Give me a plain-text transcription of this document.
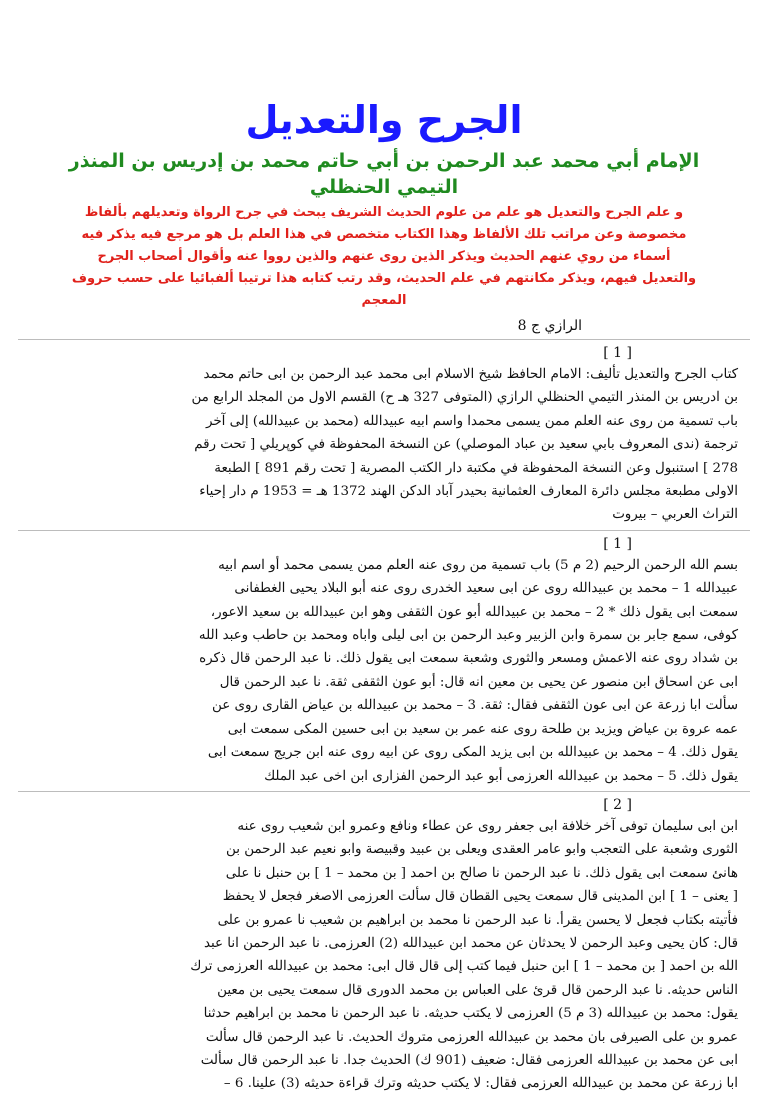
الجرح والتعديل
الإمام أبي محمد عبد الرحمن بن أبي حاتم محمد بن إدريس بن المنذر
التيمي الحنظلي
و علم الجرح والتعديل هو علم من علوم الحديث الشريف يبحث في جرح الرواة وتعديلهم بألفاظ
مخصوصة وعن مراتب تلك الألفاظ وهذا الكتاب متخصص في هذا العلم بل هو مرجع فيه يذكر فيه
أسماء من روي عنهم الحديث ويذكر الذين روى عنهم والذين رووا عنه وأقوال أصحاب الجرح
والتعديل فيهم، ويذكر مكانتهم في علم الحديث، وقد رتب كتابه هذا ترتيبا ألفبائيا على حسب حروف
المعجم
الرازي ج 8
[ 1 ]
كتاب الجرح والتعديل تأليف: الامام الحافظ شيخ الاسلام ابى محمد عبد الرحمن بن ابى حاتم محمد
بن ادريس بن المنذر التيمي الحنظلي الرازي (المتوفى 327 هـ ح) القسم الاول من المجلد الرابع من
باب تسمية من روى عنه العلم ممن يسمى محمدا واسم ابيه عبيدالله (محمد بن عبيدالله) إلى آخر
ترجمة (ندى المعروف بابي سعيد بن عباد الموصلي) عن النسخة المحفوظة في كوپريلي [ تحت رقم
278 ] استنبول وعن النسخة المحفوظة في مكتبة دار الكتب المصرية [ تحت رقم 891 ] الطبعة
الاولى مطبعة مجلس دائرة المعارف العثمانية بحيدر آباد الدكن الهند 1372 هـ = 1953 م دار إحياء
التراث العربي – بيروت
[ 1 ]
بسم الله الرحمن الرحيم (2 م 5) باب تسمية من روى عنه العلم ممن يسمى محمد أو اسم ابيه
عبيدالله 1 – محمد بن عبيدالله روى عن ابى سعيد الخدرى روى عنه أبو البلاد يحيى الغطفانى
سمعت ابى يقول ذلك * 2 – محمد بن عبيدالله أبو عون الثقفى وهو ابن عبيدالله بن سعيد الاعور،
كوفى، سمع جابر بن سمرة وابن الزبير وعبد الرحمن بن ابى ليلى واباه ومحمد بن حاطب وعبد الله
بن شداد روى عنه الاعمش ومسعر والثورى وشعبة سمعت ابى يقول ذلك. نا عبد الرحمن قال ذكره
ابى عن اسحاق ابن منصور عن يحيى بن معين انه قال: أبو عون الثقفى ثقة. نا عبد الرحمن قال
سألت ابا زرعة عن ابى عون الثقفى فقال: ثقة. 3 – محمد بن عبيدالله بن عياض القارى روى عن
عمه عروة بن عياض ويزيد بن طلحة روى عنه عمر بن سعيد بن ابى حسين المكى سمعت ابى
يقول ذلك. 4 – محمد بن عبيدالله بن ابى يزيد المكى روى عن ابيه روى عنه ابن جريج سمعت ابى
يقول ذلك. 5 – محمد بن عبيدالله العرزمى أبو عبد الرحمن الفزارى ابن اخى عبد الملك
[ 2 ]
ابن ابى سليمان توفى آخر خلافة ابى جعفر روى عن عطاء ونافع وعمرو ابن شعيب روى عنه
الثورى وشعبة على التعجب وابو عامر العقدى ويعلى بن عبيد وقبيصة وابو نعيم عبد الرحمن بن
هانئ سمعت ابى يقول ذلك. نا عبد الرحمن نا صالح بن احمد [ بن محمد – 1 ] بن حنبل نا على
[ يعنى – 1 ] ابن المدينى قال سمعت يحيى القطان قال سألت العرزمى الاصغر فجعل لا يحفظ
فأتيته بكتاب فجعل لا يحسن يقرأ. نا عبد الرحمن نا محمد بن ابراهيم بن شعيب نا عمرو بن على
قال: كان يحيى وعبد الرحمن لا يحدثان عن محمد ابن عبيدالله (2) العرزمى. نا عبد الرحمن انا عبد
الله بن احمد [ بن محمد – 1 ] ابن حنبل فيما كتب إلى قال قال ابى: محمد بن عبيدالله العرزمى ترك
الناس حديثه. نا عبد الرحمن قال قرئ على العباس بن محمد الدورى قال سمعت يحيى بن معين
يقول: محمد بن عبيدالله (3 م 5) العرزمى لا يكتب حديثه. نا عبد الرحمن نا محمد بن ابراهيم حدثنا
عمرو بن على الصيرفى بان محمد بن عبيدالله العرزمى متروك الحديث. نا عبد الرحمن قال سألت
ابى عن محمد بن عبيدالله العرزمى فقال: ضعيف (901 ك) الحديث جدا. نا عبد الرحمن قال سألت
ابا زرعة عن محمد بن عبيدالله العرزمى فقال: لا يكتب حديثه وترك قراءة حديثه (3) علينا. 6 –
